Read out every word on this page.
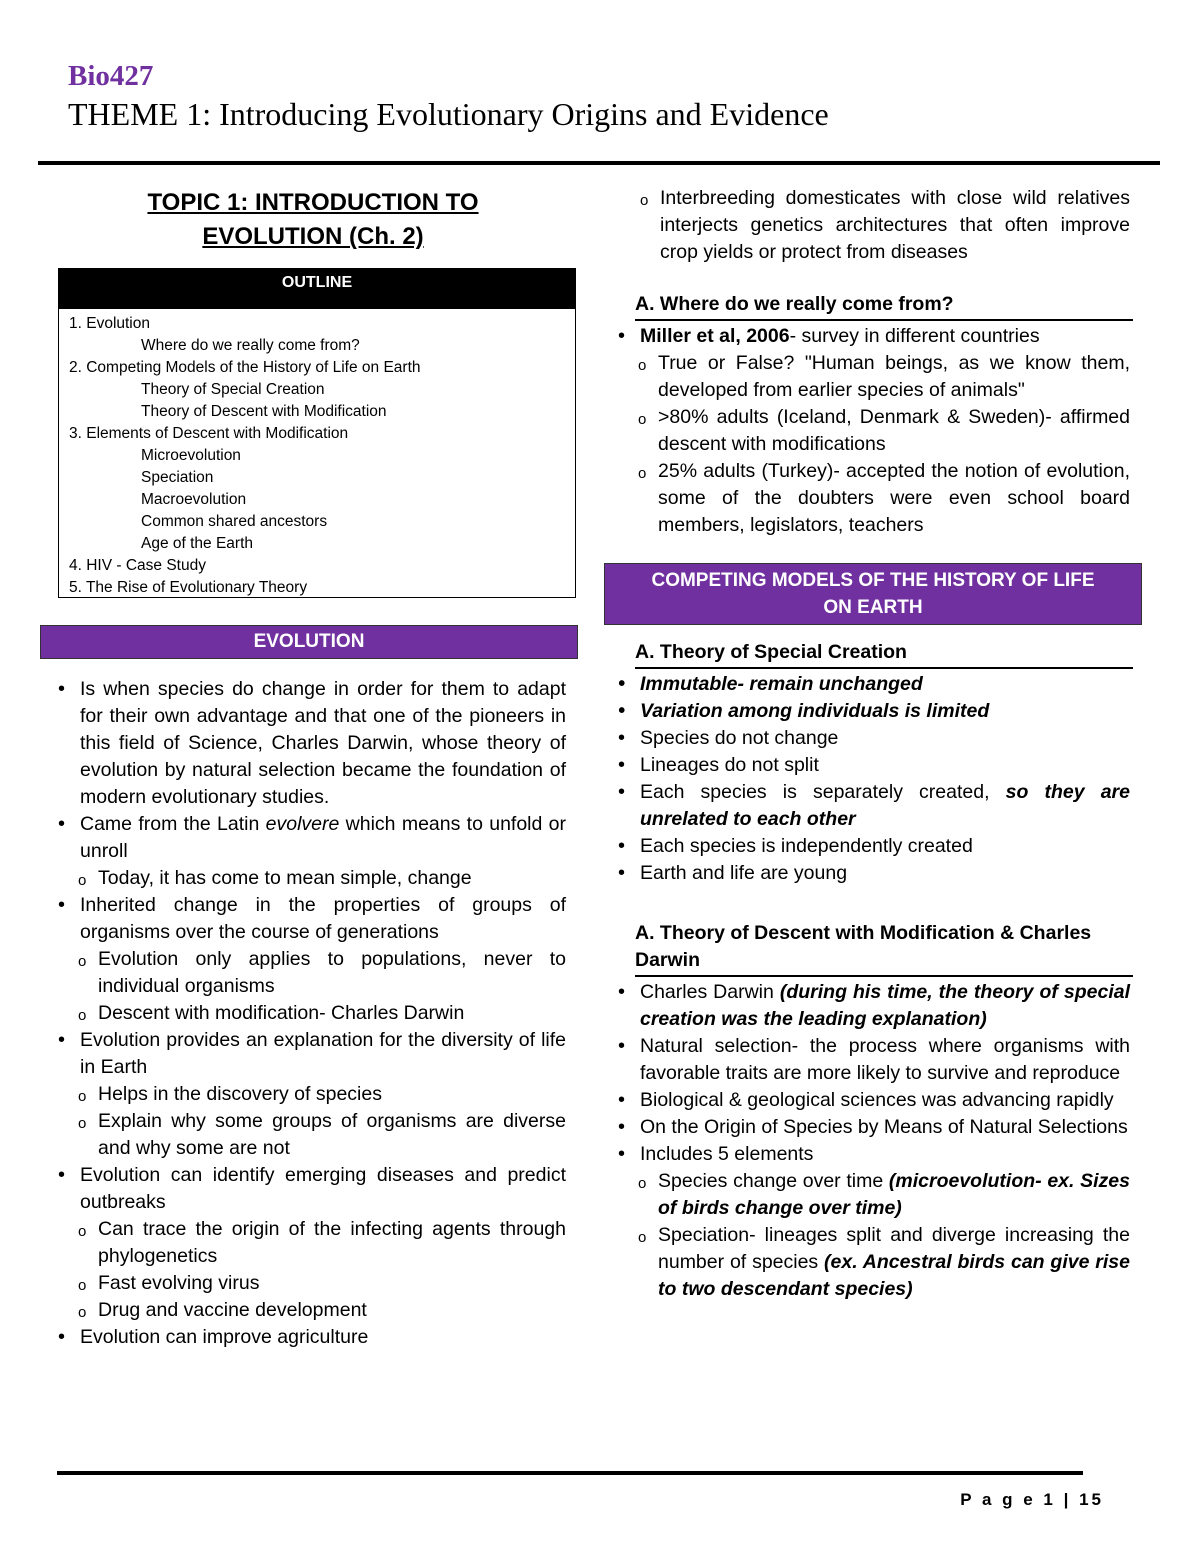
Bio427
THEME 1: Introducing Evolutionary Origins and Evidence
TOPIC 1: INTRODUCTION TO
EVOLUTION (Ch. 2)
OUTLINE
1. Evolution
Where do we really come from?
2. Competing Models of the History of Life on Earth
Theory of Special Creation
Theory of Descent with Modification
3. Elements of Descent with Modification
Microevolution
Speciation
Macroevolution
Common shared ancestors
Age of the Earth
4. HIV - Case Study
5. The Rise of Evolutionary Theory
EVOLUTION
• Is when species do change in order for them to adapt for their own advantage and that one of the pioneers in this field of Science, Charles Darwin, whose theory of evolution by natural selection became the foundation of modern evolutionary studies.
• Came from the Latin evolvere which means to unfold or unroll
o Today, it has come to mean simple, change
• Inherited change in the properties of groups of organisms over the course of generations
o Evolution only applies to populations, never to individual organisms
o Descent with modification- Charles Darwin
• Evolution provides an explanation for the diversity of life in Earth
o Helps in the discovery of species
o Explain why some groups of organisms are diverse and why some are not
• Evolution can identify emerging diseases and predict outbreaks
o Can trace the origin of the infecting agents through phylogenetics
o Fast evolving virus
o Drug and vaccine development
• Evolution can improve agriculture
o Interbreeding domesticates with close wild relatives interjects genetics architectures that often improve crop yields or protect from diseases
A. Where do we really come from?
• Miller et al, 2006- survey in different countries
o True or False? "Human beings, as we know them, developed from earlier species of animals"
o >80% adults (Iceland, Denmark & Sweden)- affirmed descent with modifications
o 25% adults (Turkey)- accepted the notion of evolution, some of the doubters were even school board members, legislators, teachers
COMPETING MODELS OF THE HISTORY OF LIFE
ON EARTH
A. Theory of Special Creation
• Immutable- remain unchanged
• Variation among individuals is limited
• Species do not change
• Lineages do not split
• Each species is separately created, so they are unrelated to each other
• Each species is independently created
• Earth and life are young
A. Theory of Descent with Modification & Charles Darwin
• Charles Darwin (during his time, the theory of special creation was the leading explanation)
• Natural selection- the process where organisms with favorable traits are more likely to survive and reproduce
• Biological & geological sciences was advancing rapidly
• On the Origin of Species by Means of Natural Selections
• Includes 5 elements
o Species change over time (microevolution- ex. Sizes of birds change over time)
o Speciation- lineages split and diverge increasing the number of species (ex. Ancestral birds can give rise to two descendant species)
P a g e 1 | 15
